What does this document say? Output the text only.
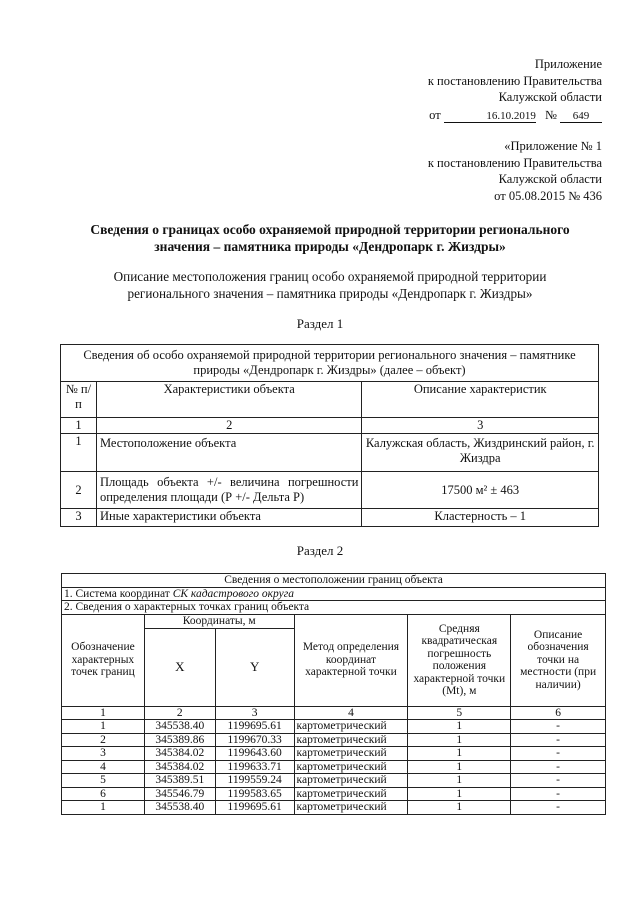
Приложение
к постановлению Правительства
Калужской области
от	16.10.2019 № 649
«Приложение № 1
к постановлению Правительства
Калужской области
от 05.08.2015 № 436
Сведения о границах особо охраняемой природной территории регионального
значения – памятника природы «Дендропарк г. Жиздры»
Описание местоположения границ особо охраняемой природной территории
регионального значения – памятника природы «Дендропарк г. Жиздры»
Раздел 1
Сведения об особо охраняемой природной территории регионального значения – памятнике природы «Дендропарк г. Жиздры» (далее – объект)		
№ п/п	Характеристики объекта	Описание характеристик
1	2	3
1	Местоположение объекта	Калужская область, Жиздринский район, г. Жиздра
2	Площадь объекта +/- величина погрешности определения площади (Р +/- Дельта Р)	17500 м² ± 463
3	Иные характеристики объекта	Кластерность – 1
Раздел 2
Сведения о местоположении границ объекта					
1. Система координат СК кадастрового округа					
2. Сведения о характерных точках границ объекта					
Обозначение характерных точек границ	Координаты, м		Метод определения координат характерной точки	Средняя квадратическая погрешность положения характерной точки (Mt), м	Описание обозначения точки на местности (при наличии)
	X	Y			
1	2	3	4	5	6
1	345538.40	1199695.61	картометрический	1	-
2	345389.86	1199670.33	картометрический	1	-
3	345384.02	1199643.60	картометрический	1	-
4	345384.02	1199633.71	картометрический	1	-
5	345389.51	1199559.24	картометрический	1	-
6	345546.79	1199583.65	картометрический	1	-
1	345538.40	1199695.61	картометрический	1	-
